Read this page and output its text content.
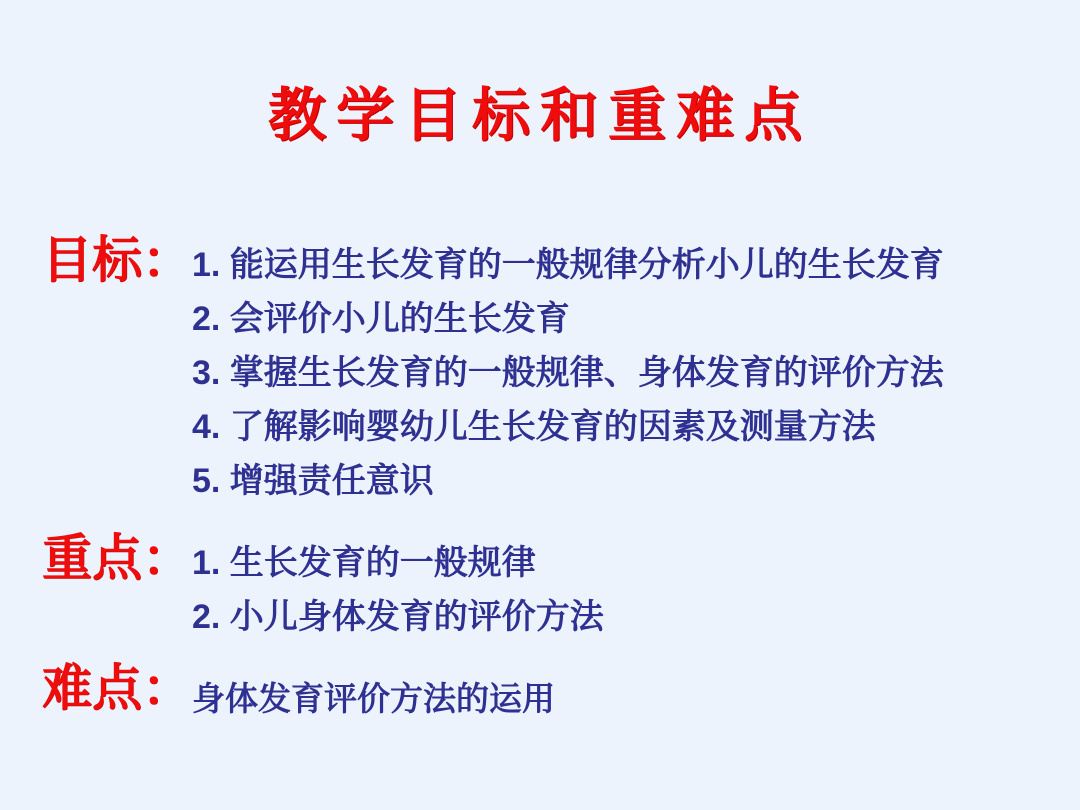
教学目标和重难点
目标： 1. 能运用生长发育的一般规律分析小儿的生长发育
2. 会评价小儿的生长发育
3. 掌握生长发育的一般规律、身体发育的评价方法
4. 了解影响婴幼儿生长发育的因素及测量方法
5. 增强责任意识
重点： 1. 生长发育的一般规律
2. 小儿身体发育的评价方法
难点： 身体发育评价方法的运用
